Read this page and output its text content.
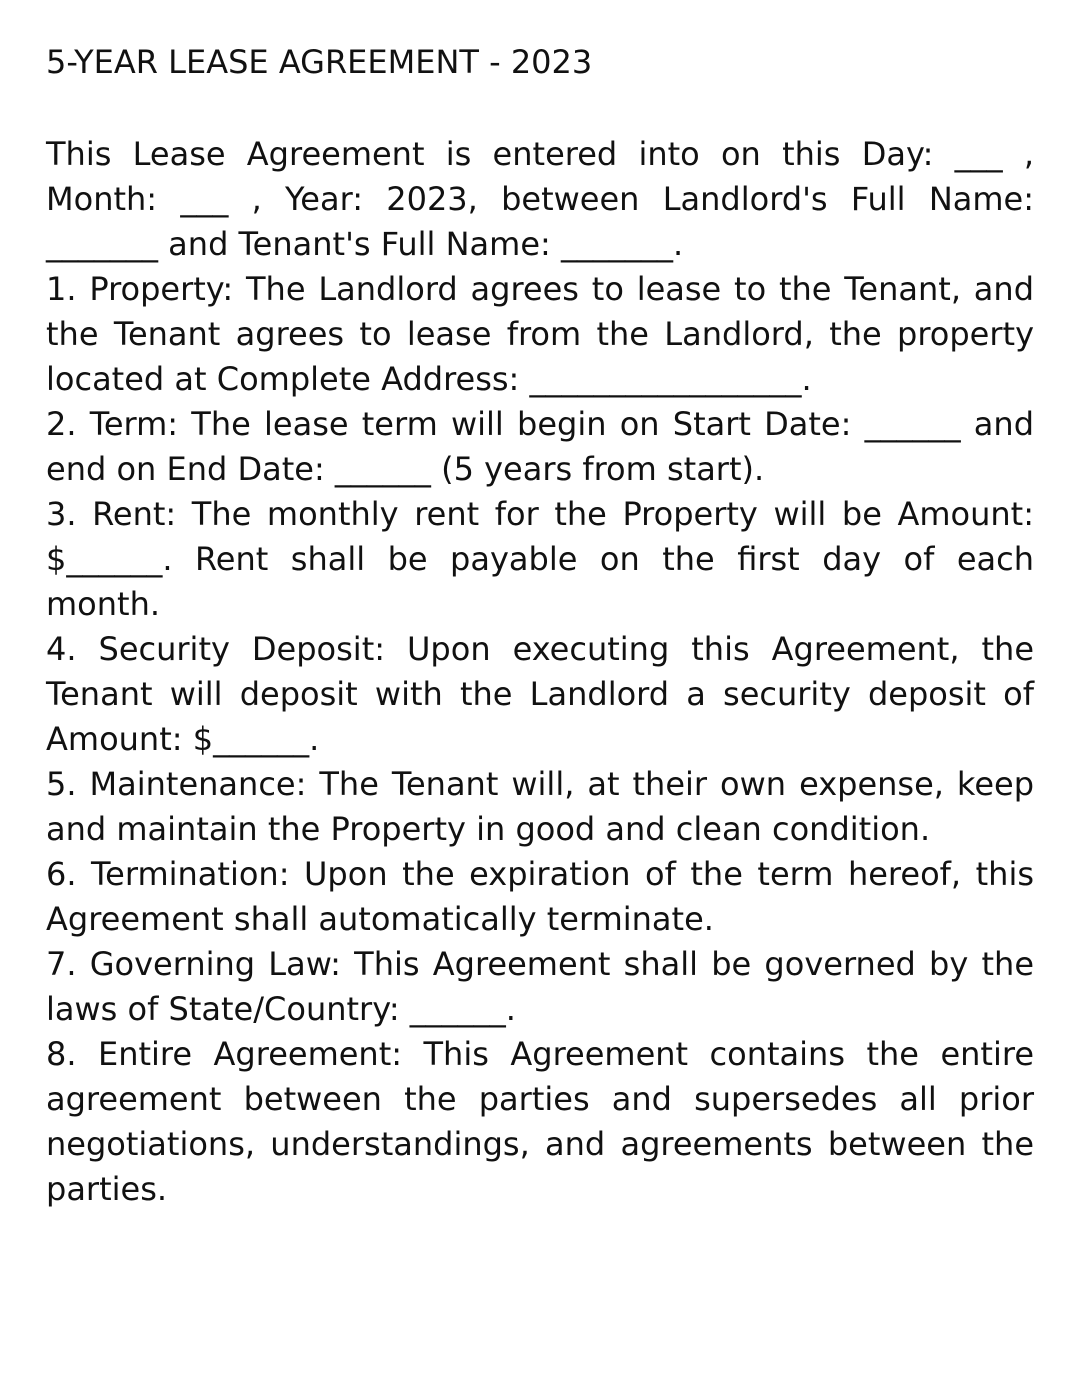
5-YEAR LEASE AGREEMENT - 2023

This Lease Agreement is entered into on this Day: ___ , Month: ___ , Year: 2023, between Landlord's Full Name: _______ and Tenant's Full Name: _______.

1. Property: The Landlord agrees to lease to the Tenant, and the Tenant agrees to lease from the Landlord, the property located at Complete Address: _________________.

2. Term: The lease term will begin on Start Date: ______ and end on End Date: ______ (5 years from start).

3. Rent: The monthly rent for the Property will be Amount: $______. Rent shall be payable on the first day of each month.

4. Security Deposit: Upon executing this Agreement, the Tenant will deposit with the Landlord a security deposit of Amount: $______.

5. Maintenance: The Tenant will, at their own expense, keep and maintain the Property in good and clean condition.

6. Termination: Upon the expiration of the term hereof, this Agreement shall automatically terminate.

7. Governing Law: This Agreement shall be governed by the laws of State/Country: ______.

8. Entire Agreement: This Agreement contains the entire agreement between the parties and supersedes all prior negotiations, understandings, and agreements between the parties.
